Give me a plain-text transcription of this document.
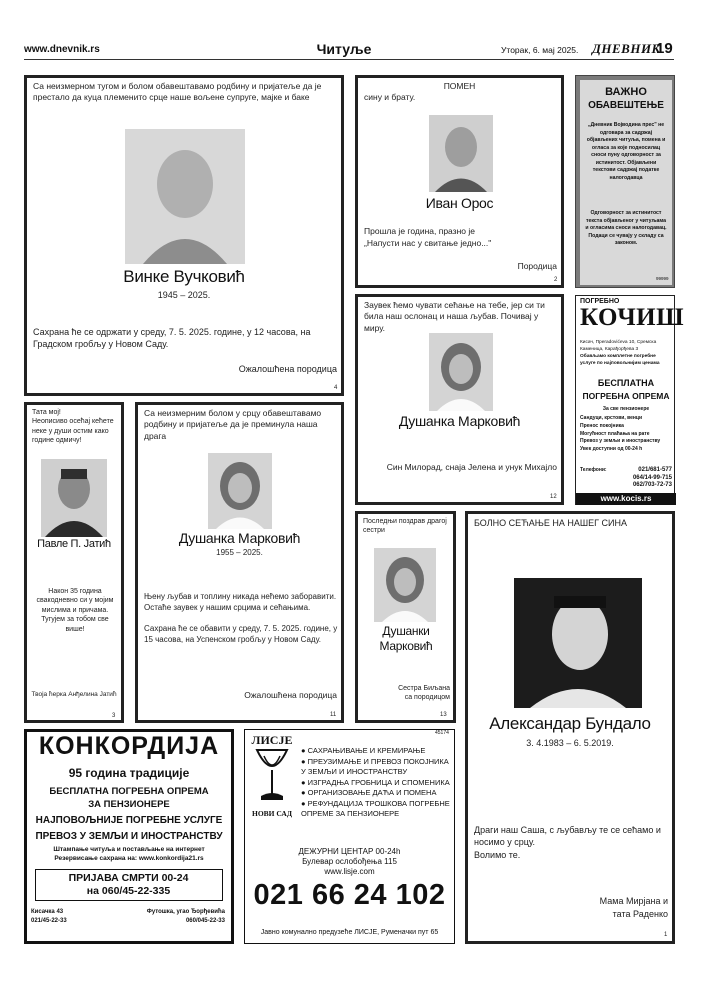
www.dnevnik.rs	Читуље	Уторак, 6. мај 2025. ДНЕВНИК
19
Са неизмерном тугом и болом обавештавамо родбину и пријатеље да је престало да куца племенито срце наше вољене супруге, мајке и баке
Винке Вучковић
1945 – 2025.
Сахрана ће се одржати у среду, 7. 5. 2025. године, у 12 часова, на Градском гробљу у Новом Саду.
Ожалошћена породица
4
ПОМЕН
сину и брату.
Иван Орос
Прошла је година, празно је
„Напусти нас у свитање једно..."
Породица
2
ВАЖНО
ОБАВЕШТЕЊЕ
„Дневник Војводина прес" не одговара за садржај објављених читуља, помена и огласа за које подносилац сноси пуну одговорност за истинитост. Објављени текстови садржај податке налогодавца
Одговорност за истинитост текста објављеног у читуљама и огласима сноси налогодавац. Подаци се чувају у складу са законом.
99999
Заувек ћемо чувати сећање на тебе, јер си ти била наш ослонац и наша љубав. Почивај у миру.
Душанка Марковић
Син Милорад, снаја Јелена и унук Михајло
12
ПОГРЕБНО
КОЧИШ
Кисач, Преradovićeva 10, Сремска Каменица, Карађорђева 3
Обављамо комплетне погребне услуге по најповољнијим ценама
БЕСПЛАТНА
ПОГРЕБНА ОПРЕМА
За све пензионере
Сандуци, крстови, венци
Пренос покојника
Могућност плаћања на рате
Превоз у земљи и иностранству
Увек доступни од 00-24 h
Телефони:	021/681-577
064/14-99-715
062/703-72-73
www.kocis.rs
Тата мој!
Неописиво осећај кећете неке у души остим како године одмичу!
Павле П. Јатић
Након 35 година свакодневно си у мојим мислима и причама.
Тугујем за тобом све више!
Твоја ћерка Анђелина Јатић
3
Са неизмерним болом у срцу обавештавамо родбину и пријатеље да је преминула наша драга
Душанка Марковић
1955 – 2025.
Њену љубав и топлину никада нећемо заборавити. Остаће заувек у нашим срцима и сећањима.
Сахрана ће се обавити у среду, 7. 5. 2025. године, у 15 часова, на Успенском гробљу у Новом Саду.
Ожалошћена породица
11
Последњи поздрав драгој сестри
Душанки Марковић
Сестра Биљана са породицом
13
БОЛНО СЕЋАЊЕ НА НАШЕГ СИНА
Александар Бундало
3. 4.1983 – 6. 5.2019.
Драги наш Саша, с љубављу те се сећамо и носимо у срцу.
Волимо те.
Мама Мирјана и
тата Раденко
1
КОНКОРДИЈА
95 година традиције
БЕСПЛАТНА ПОГРЕБНА ОПРЕМА
ЗА ПЕНЗИОНЕРЕ
НАЈПОВОЉНИЈЕ ПОГРЕБНЕ УСЛУГЕ
ПРЕВОЗ У ЗЕМЉИ И ИНОСТРАНСТВУ
Штампање читуља и постављање на интернет
Резервисање сахрана на: www.konkordija21.rs
ПРИЈАВА СМРТИ 00-24
на 060/45-22-335
Кисачка 43
021/45-22-33
Футошка, угао Ђорђевића
060/045-22-33
ЛИСЈЕ
НОВИ САД
● САХРАЊИВАЊЕ И КРЕМИРАЊЕ
● ПРЕУЗИМАЊЕ И ПРЕВОЗ ПОКОЈНИКА У ЗЕМЉИ И ИНОСТРАНСТВУ
● ИЗГРАДЊА ГРОБНИЦА И СПОМЕНИКА
● ОРГАНИЗОВАЊЕ ДАЋА И ПОМЕНА
● РЕФУНДАЦИЈА ТРОШКОВА ПОГРЕБНЕ ОПРЕМЕ ЗА ПЕНЗИОНЕРЕ
45174
ДЕЖУРНИ ЦЕНТАР 00-24h
Булевар ослобођења 115
www.lisje.com
021 66 24 102
Јавно комунално предузеће ЛИСЈЕ, Руменачки пут 65
